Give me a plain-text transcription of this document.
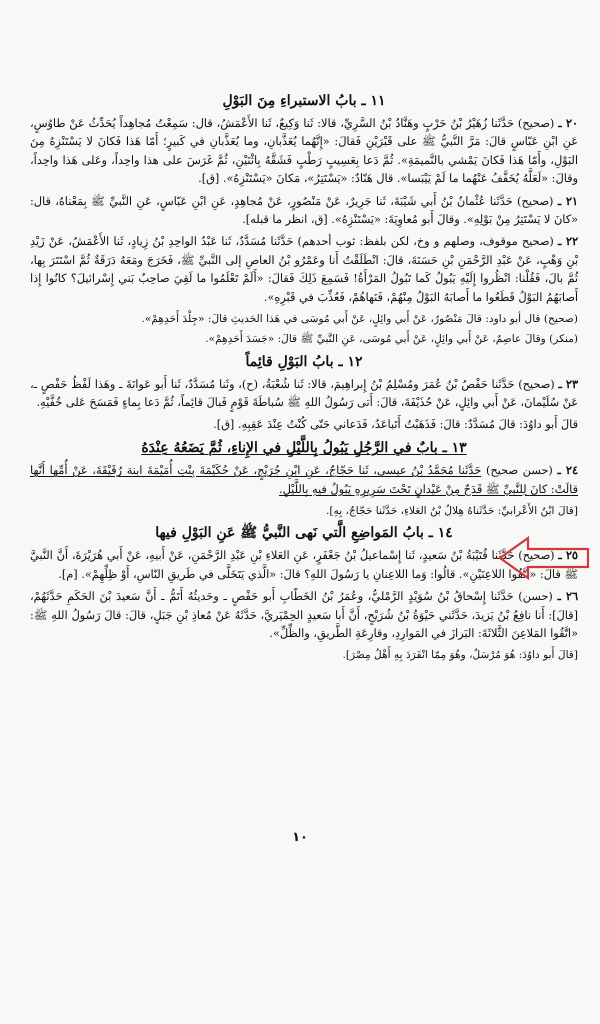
١١ ـ بابُ الاستبراءِ مِنَ البَوْلِ

٢٠ ـ (صحيح) حَدَّثَنا زُهَيْرُ بْنُ حَرْبٍ وهَنَّادُ بْنُ السَّرِيِّ، قالا: ثَنا وَكِيعٌ، ثَنا الأَعْمَشُ، قال: سَمِعْتُ مُجاهِداً يُحَدِّثُ عَنْ طاوُسٍ، عَنِ ابْنِ عَبّاسٍ قالَ: مَرَّ النَّبيُّ ﷺ على قَبْرَيْنِ فَقالَ: «إِنَّهُما يُعَذَّبانِ، وما يُعَذَّبانِ في كَبيرٍ؛ أَمّا هَذا فَكانَ لا يَسْتَنْزِهُ مِنَ البَوْلِ، وأَمّا هَذا فَكانَ يَمْشي بالنَّميمَةِ». ثُمَّ دَعا بِعَسِيبٍ رَطْبٍ فَشَقَّهُ بِاثْنَيْنِ، ثُمَّ غَرَسَ على هذا واحِداً، وعَلى هَذا واحِداً، وقالَ: «لَعَلَّهُ يُخَفَّفُ عَنْهُما ما لَمْ يَيْبَسا». قال هَنّادٌ: «يَسْتَتِرُ»، مَكانَ «يَسْتَنْزِهُ». [ق].

٢١ ـ (صحيح) حَدَّثَنا عُثْمانُ بْنُ أَبي شَيْبَةَ، ثَنا جَرِيرٌ، عَنْ مَنْصُورٍ، عَنْ مُجاهِدٍ، عَنِ ابْنِ عَبّاسٍ، عَنِ النَّبيِّ ﷺ بِمَعْناهُ، قال: «كانَ لا يَسْتَتِرُ مِنْ بَوْلِهِ». وقالَ أَبو مُعاوِيَةَ: «يَسْتَنْزِهُ». [ق، انظر ما قبله].

٢٢ ـ (صحيح موقوف، وصلهم و وخ، لكن بلفظ: ثوب أحدهم) حَدَّثَنا مُسَدَّدٌ، ثَنا عَبْدُ الواحِدِ بْنُ زِيادٍ، ثَنا الأَعْمَشُ، عَنْ زَيْدِ بْنِ وَهْبٍ، عَنْ عَبْدِ الرَّحْمَنِ بْنِ حَسَنَةَ، قالَ: انْطَلَقْتُ أَنا وعَمْرُو بْنُ العاصِ إلى النَّبيِّ ﷺ، فَخَرَجَ ومَعَهُ دَرَقَةٌ ثُمَّ اسْتَتَرَ بِها، ثُمَّ بالَ، فَقُلْنا: انْظُروا إِلَيْهِ يَبُولُ كَما تَبُولُ المَرْأَةُ! فَسَمِعَ ذَلِكَ فَقالَ: «أَلَمْ تَعْلَمُوا ما لَقِيَ صاحِبُ بَني إِسْرائيلَ؟ كانُوا إِذا أَصابَهُمُ البَوْلُ قَطَعُوا ما أَصابَهُ البَوْلُ مِنْهُمْ، فَنَهاهُمْ، فَعُذِّبَ في قَبْرِهِ».

(صحيح) قال أبو داود: قالَ مَنْصُورٌ، عَنْ أَبي وائِلٍ، عَنْ أَبي مُوسَى في هَذا الحَديثِ قالَ: «جِلْدَ أَحَدِهِمْ».

(منكر) وقالَ عاصِمٌ، عَنْ أَبي وائِلٍ، عَنْ أَبي مُوسَى، عَنِ النَّبيِّ ﷺ قالَ: «جَسَدَ أَحَدِهِمْ».

١٢ ـ بابُ البَوْلِ قائِماً

٢٣ ـ (صحيح) حَدَّثَنا حَفْصُ بْنُ عُمَرَ ومُسْلِمُ بْنُ إِبراهِيمَ، قالا: ثَنا شُعْبَةُ، (ح)، وثَنا مُسَدَّدٌ، ثَنا أَبو عَوانَةَ ـ وهَذا لَفْظُ حَفْصٍ ـ، عَنْ سُلَيْمانَ، عَنْ أَبي وائِلٍ، عَنْ حُذَيْفَةَ، قالَ: أَتى رَسُولُ اللهِ ﷺ سُباطَةَ قَوْمٍ فَبالَ قائِماً، ثُمَّ دَعا بِماءٍ فَمَسَحَ عَلى خُفَّيْهِ.

قالَ أَبو داوُدَ: قالَ مُسَدَّدٌ: قالَ: فَذَهَبْتُ أَتَباعَدُ، فَدَعاني حَتّى كُنْتُ عِنْدَ عَقِبِهِ. [ق].

١٣ ـ بابٌ في الرَّجُلِ يَبُولُ بِاللَّيْلِ في الإِناءِ، ثُمَّ يَضَعُهُ عِنْدَهُ

٢٤ ـ (حسن صحيح) حَدَّثَنا مُحَمَّدُ بْنُ عيسى، ثَنا حَجّاجٌ، عَنِ ابْنِ جُرَيْجٍ، عَنْ حُكَيْمَةَ بِنْتِ أُمَيْمَةَ ابنة رُقَيْقَةَ، عَنْ أُمِّها أَنَّها قالَتْ: كانَ لِلنَّبيِّ ﷺ قَدَحٌ مِنْ عَيْدانٍ تَحْتَ سَرِيرِهِ يَبُولُ فيهِ بِاللَّيْلِ.

[قالَ ابْنُ الأَعْرابيِّ: حَدَّثَناهُ هِلالُ بْنُ العَلاءِ، حَدَّثَنا حَجّاجٌ، بِهِ].

١٤ ـ بابُ المَواضِعِ الَّتي نَهى النَّبيُّ ﷺ عَنِ البَوْلِ فيها

٢٥ ـ (صحيح) حَدَّثَنا قُتَيْبَةُ بْنُ سَعيدٍ، ثَنا إِسْماعيلُ بْنُ جَعْفَرٍ، عَنِ العَلاءِ بْنِ عَبْدِ الرَّحْمَنِ، عَنْ أَبيهِ، عَنْ أَبي هُرَيْرَةَ، أَنَّ النَّبيَّ ﷺ قالَ: «اتَّقُوا اللاعِنَيْنِ». قالُوا: وَما اللاعِنانِ يا رَسُولَ اللهِ؟ قالَ: «الَّذي يَتَخَلَّى في طَريقِ النّاسِ، أَوْ ظِلِّهِمْ». [م].

٢٦ ـ (حسن) حَدَّثَنا إِسْحاقُ بْنُ سُوَيْدٍ الرَّمْليُّ، وعُمَرُ بْنُ الخَطّابِ أَبو حَفْصٍ ـ وحَديثُهُ أَتَمُّ ـ أَنَّ سَعيدَ بْنَ الحَكَمِ حَدَّثَهُمْ، [قالَ]: أَنا نافِعُ بْنُ يَزيدَ، حَدَّثَني حَيْوَةُ بْنُ شُرَيْحٍ، أَنَّ أَبا سَعيدٍ الحِمْيَريَّ، حَدَّثَهُ عَنْ مُعاذِ بْنِ جَبَلٍ، قالَ: قالَ رَسُولُ اللهِ ﷺ: «اتَّقُوا المَلاعِنَ الثَّلاثَةَ: البَرازَ في المَوارِدِ، وقارِعَةِ الطَّريقِ، والظِّلِّ».

[قالَ أَبو داوُدَ: هُوَ مُرْسَلٌ، وهُوَ مِمّا انْفَرَدَ بِهِ أَهْلُ مِصْرَ].

١٠
